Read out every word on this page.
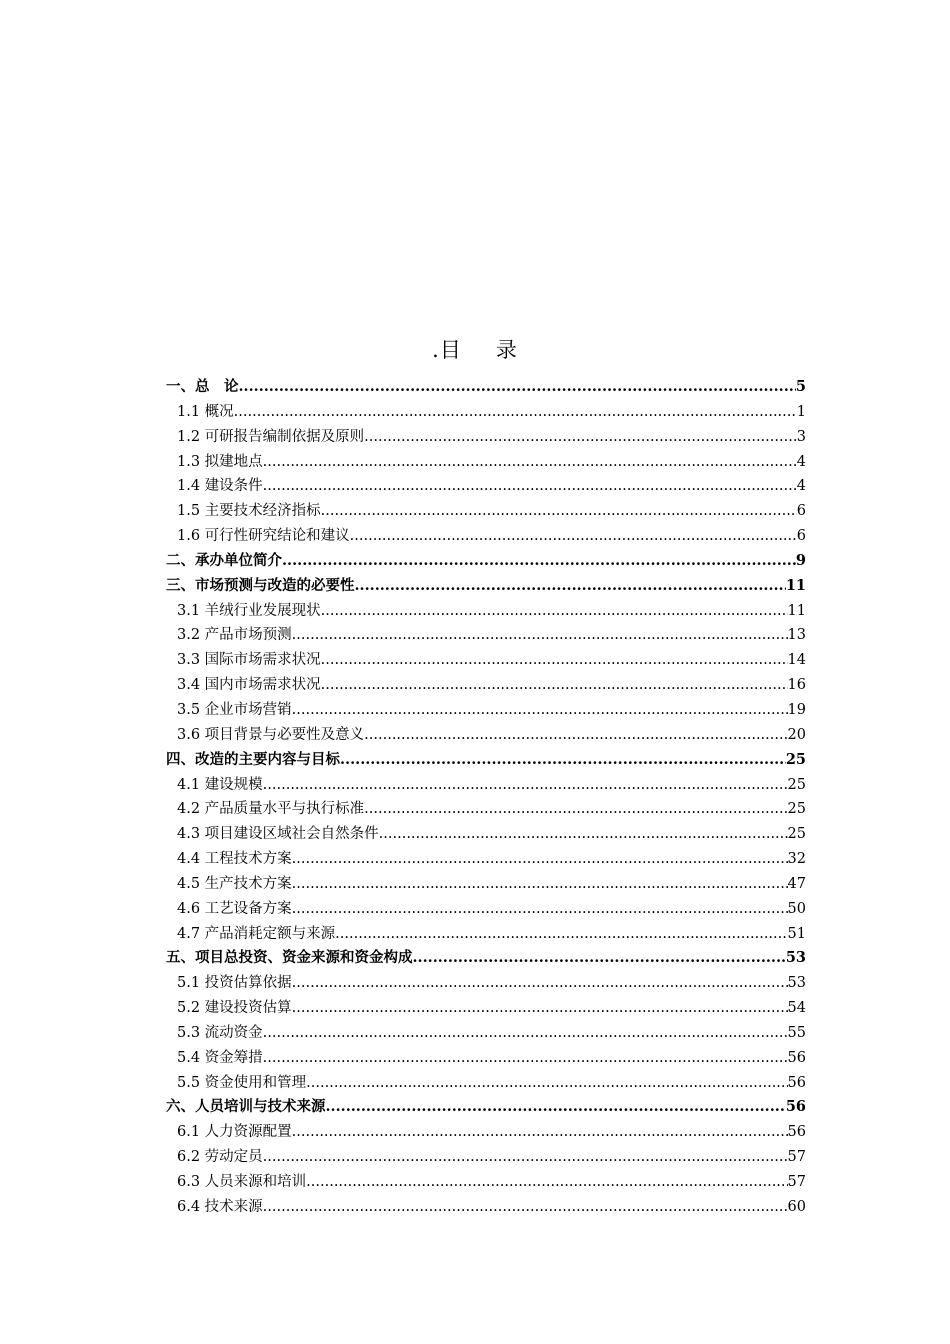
.目 录
一、总　论 .....	5
1.1 概况 .....	1
1.2 可研报告编制依据及原则 .....	3
1.3 拟建地点 .....	4
1.4 建设条件 .....	4
1.5 主要技术经济指标 .....	6
1.6 可行性研究结论和建议 .....	6
二、承办单位简介 .....	9
三、市场预测与改造的必要性 .....	11
3.1 羊绒行业发展现状 .....	11
3.2 产品市场预测 .....	13
3.3 国际市场需求状况 .....	14
3.4 国内市场需求状况 .....	16
3.5 企业市场营销 .....	19
3.6 项目背景与必要性及意义 .....	20
四、改造的主要内容与目标 .....	25
4.1 建设规模 .....	25
4.2 产品质量水平与执行标准 .....	25
4.3 项目建设区域社会自然条件 .....	25
4.4 工程技术方案 .....	32
4.5 生产技术方案 .....	47
4.6 工艺设备方案 .....	50
4.7 产品消耗定额与来源 .....	51
五、项目总投资、资金来源和资金构成 .....	53
5.1 投资估算依据 .....	53
5.2 建设投资估算 .....	54
5.3 流动资金 .....	55
5.4 资金筹措 .....	56
5.5 资金使用和管理 .....	56
六、人员培训与技术来源 .....	56
6.1 人力资源配置 .....	56
6.2 劳动定员 .....	57
6.3 人员来源和培训 .....	57
6.4 技术来源 .....	60
